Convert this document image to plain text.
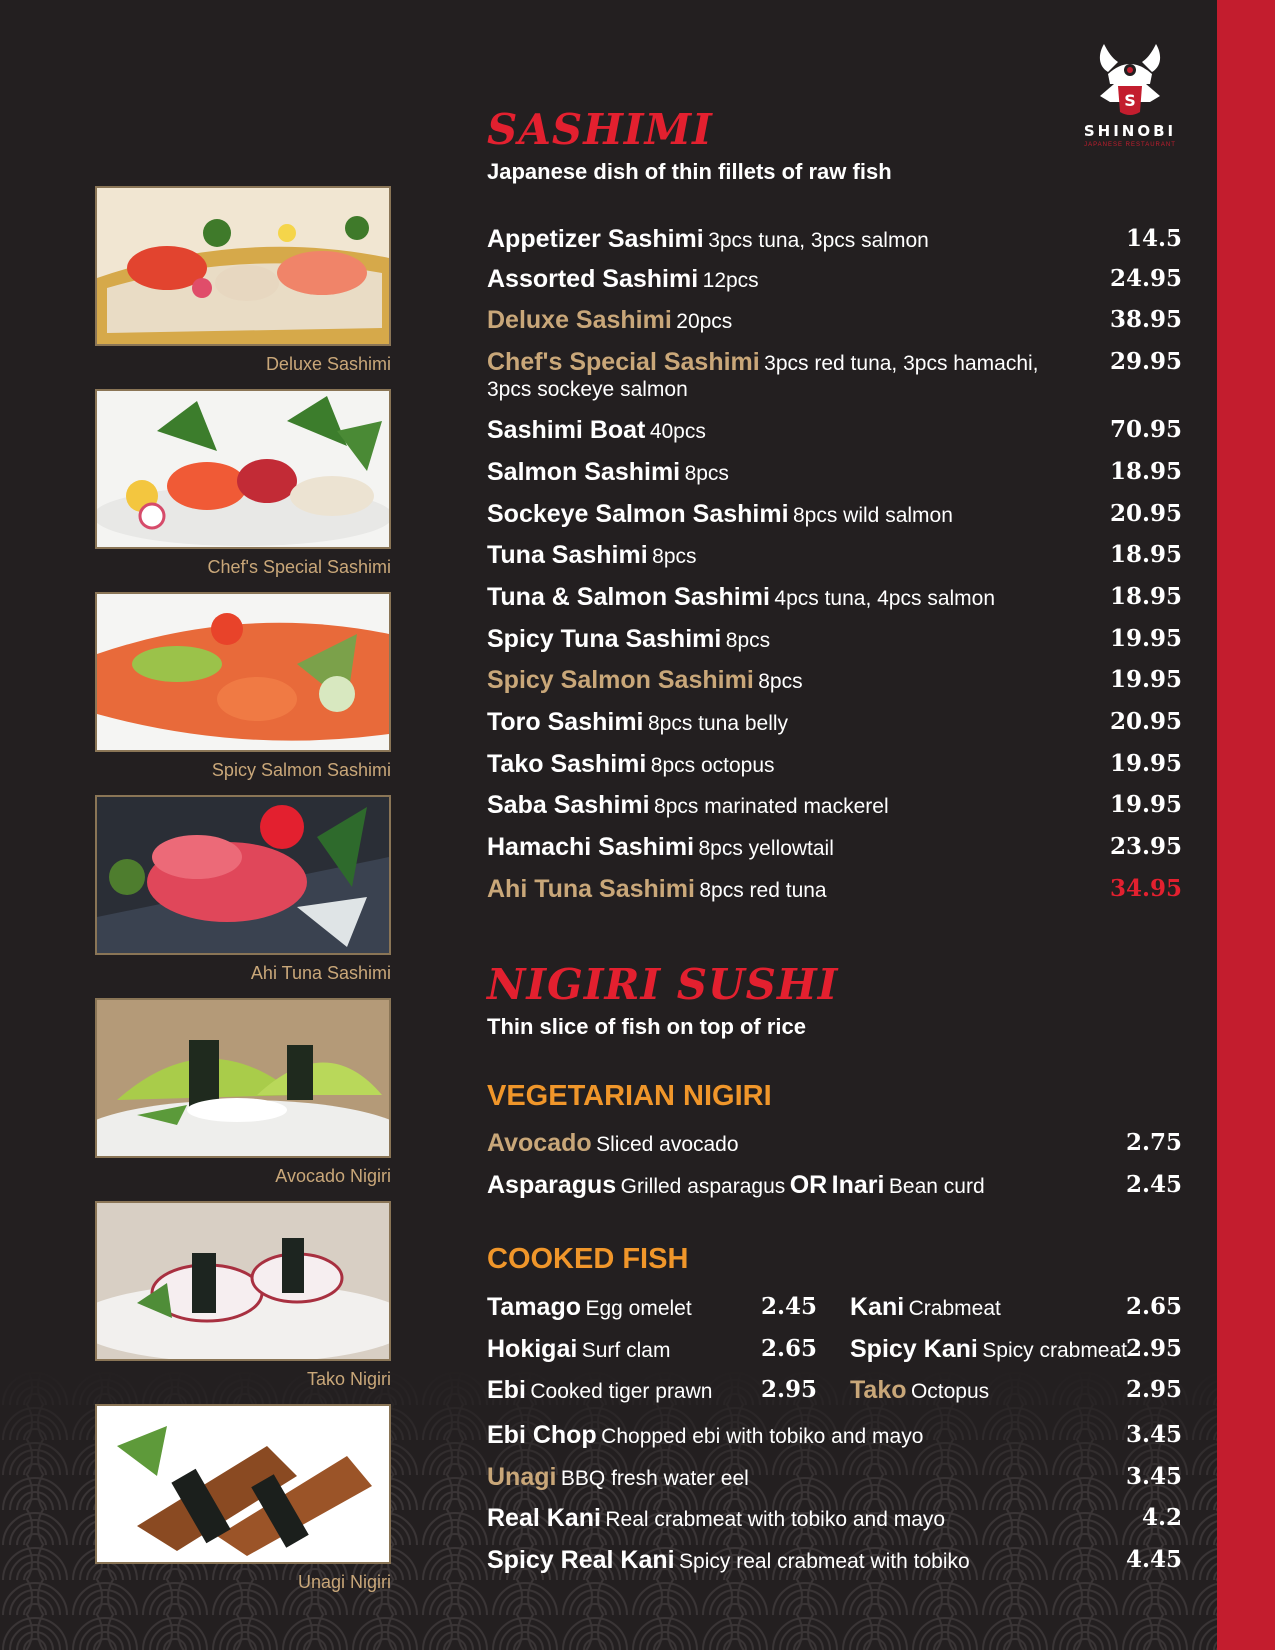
S
SHINOBI
JAPANESE RESTAURANT
Deluxe Sashimi
Chef's Special Sashimi
Spicy Salmon Sashimi
Ahi Tuna Sashimi
Avocado Nigiri
Tako Nigiri
Unagi Nigiri
SASHIMI
Japanese dish of thin fillets of raw fish
Appetizer Sashimi 3pcs tuna, 3pcs salmon	14.5
Assorted Sashimi 12pcs	24.95
Deluxe Sashimi 20pcs	38.95
Chef's Special Sashimi 3pcs red tuna, 3pcs hamachi,
3pcs sockeye salmon
29.95
Sashimi Boat 40pcs	70.95
Salmon Sashimi 8pcs	18.95
Sockeye Salmon Sashimi 8pcs wild salmon	20.95
Tuna Sashimi 8pcs	18.95
Tuna & Salmon Sashimi 4pcs tuna, 4pcs salmon	18.95
Spicy Tuna Sashimi 8pcs	19.95
Spicy Salmon Sashimi 8pcs	19.95
Toro Sashimi 8pcs tuna belly	20.95
Tako Sashimi 8pcs octopus	19.95
Saba Sashimi 8pcs marinated mackerel	19.95
Hamachi Sashimi 8pcs yellowtail	23.95
Ahi Tuna Sashimi 8pcs red tuna	34.95
NIGIRI SUSHI
Thin slice of fish on top of rice
VEGETARIAN NIGIRI
Avocado Sliced avocado	2.75
Asparagus Grilled asparagus OR Inari Bean curd	2.45
COOKED FISH
Tamago Egg omelet	2.45
Hokigai Surf clam	2.65
Ebi Cooked tiger prawn 2.95
Kani Crabmeat	2.65
Spicy Kani Spicy crabmeat
2.95
Tako Octopus	2.95
Ebi Chop Chopped ebi with tobiko and mayo	3.45
Unagi BBQ fresh water eel	3.45
Real Kani Real crabmeat with tobiko and mayo	4.2
Spicy Real Kani Spicy real crabmeat with tobiko	4.45
